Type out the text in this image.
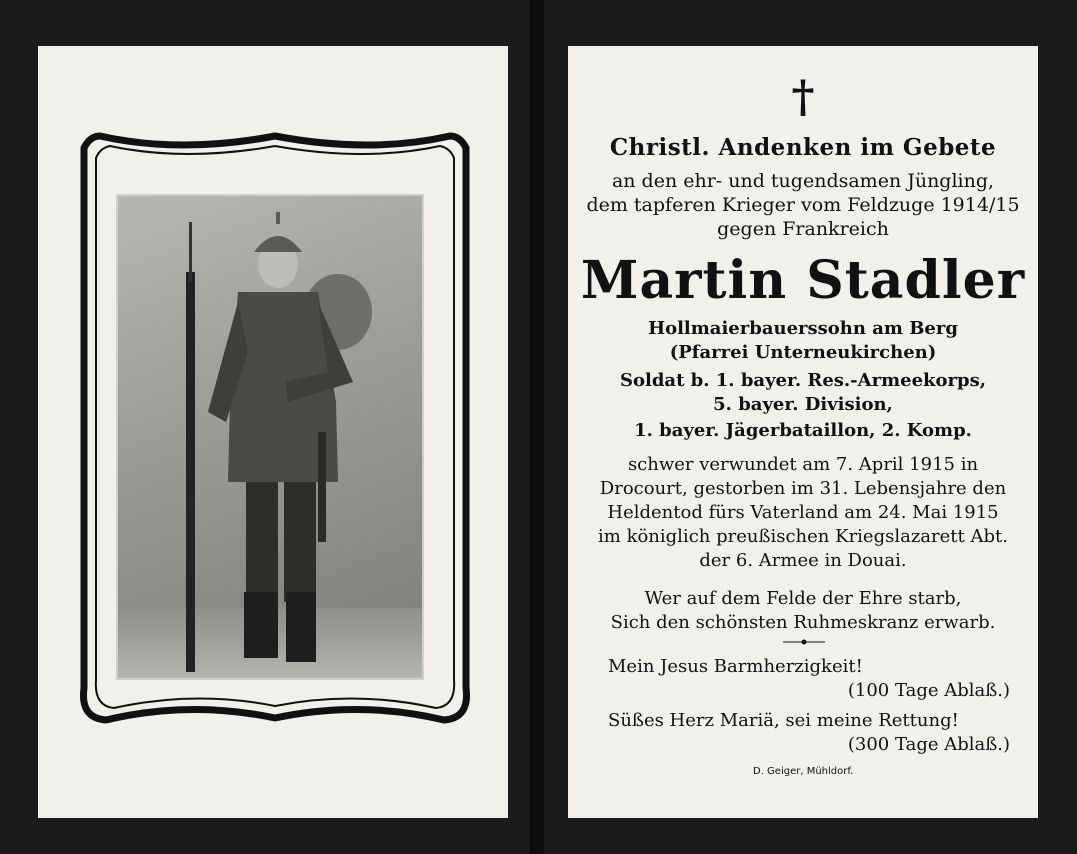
†
Christl. Andenken im Gebete
an den ehr- und tugendsamen Jüngling,
dem tapferen Krieger vom Feldzuge 1914/15
gegen Frankreich
Martin Stadler
Hollmaierbauerssohn am Berg
(Pfarrei Unterneukirchen)
Soldat b. 1. bayer. Res.-Armeekorps,
5. bayer. Division,
1. bayer. Jägerbataillon, 2. Komp.
schwer verwundet am 7. April 1915 in
Drocourt, gestorben im 31. Lebensjahre den
Heldentod fürs Vaterland am 24. Mai 1915
im königlich preußischen Kriegslazarett Abt.
der 6. Armee in Douai.
Wer auf dem Felde der Ehre starb,
Sich den schönsten Ruhmeskranz erwarb.
Mein Jesus Barmherzigkeit!
(100 Tage Ablaß.)
Süßes Herz Mariä, sei meine Rettung!
(300 Tage Ablaß.)
D. Geiger, Mühldorf.
